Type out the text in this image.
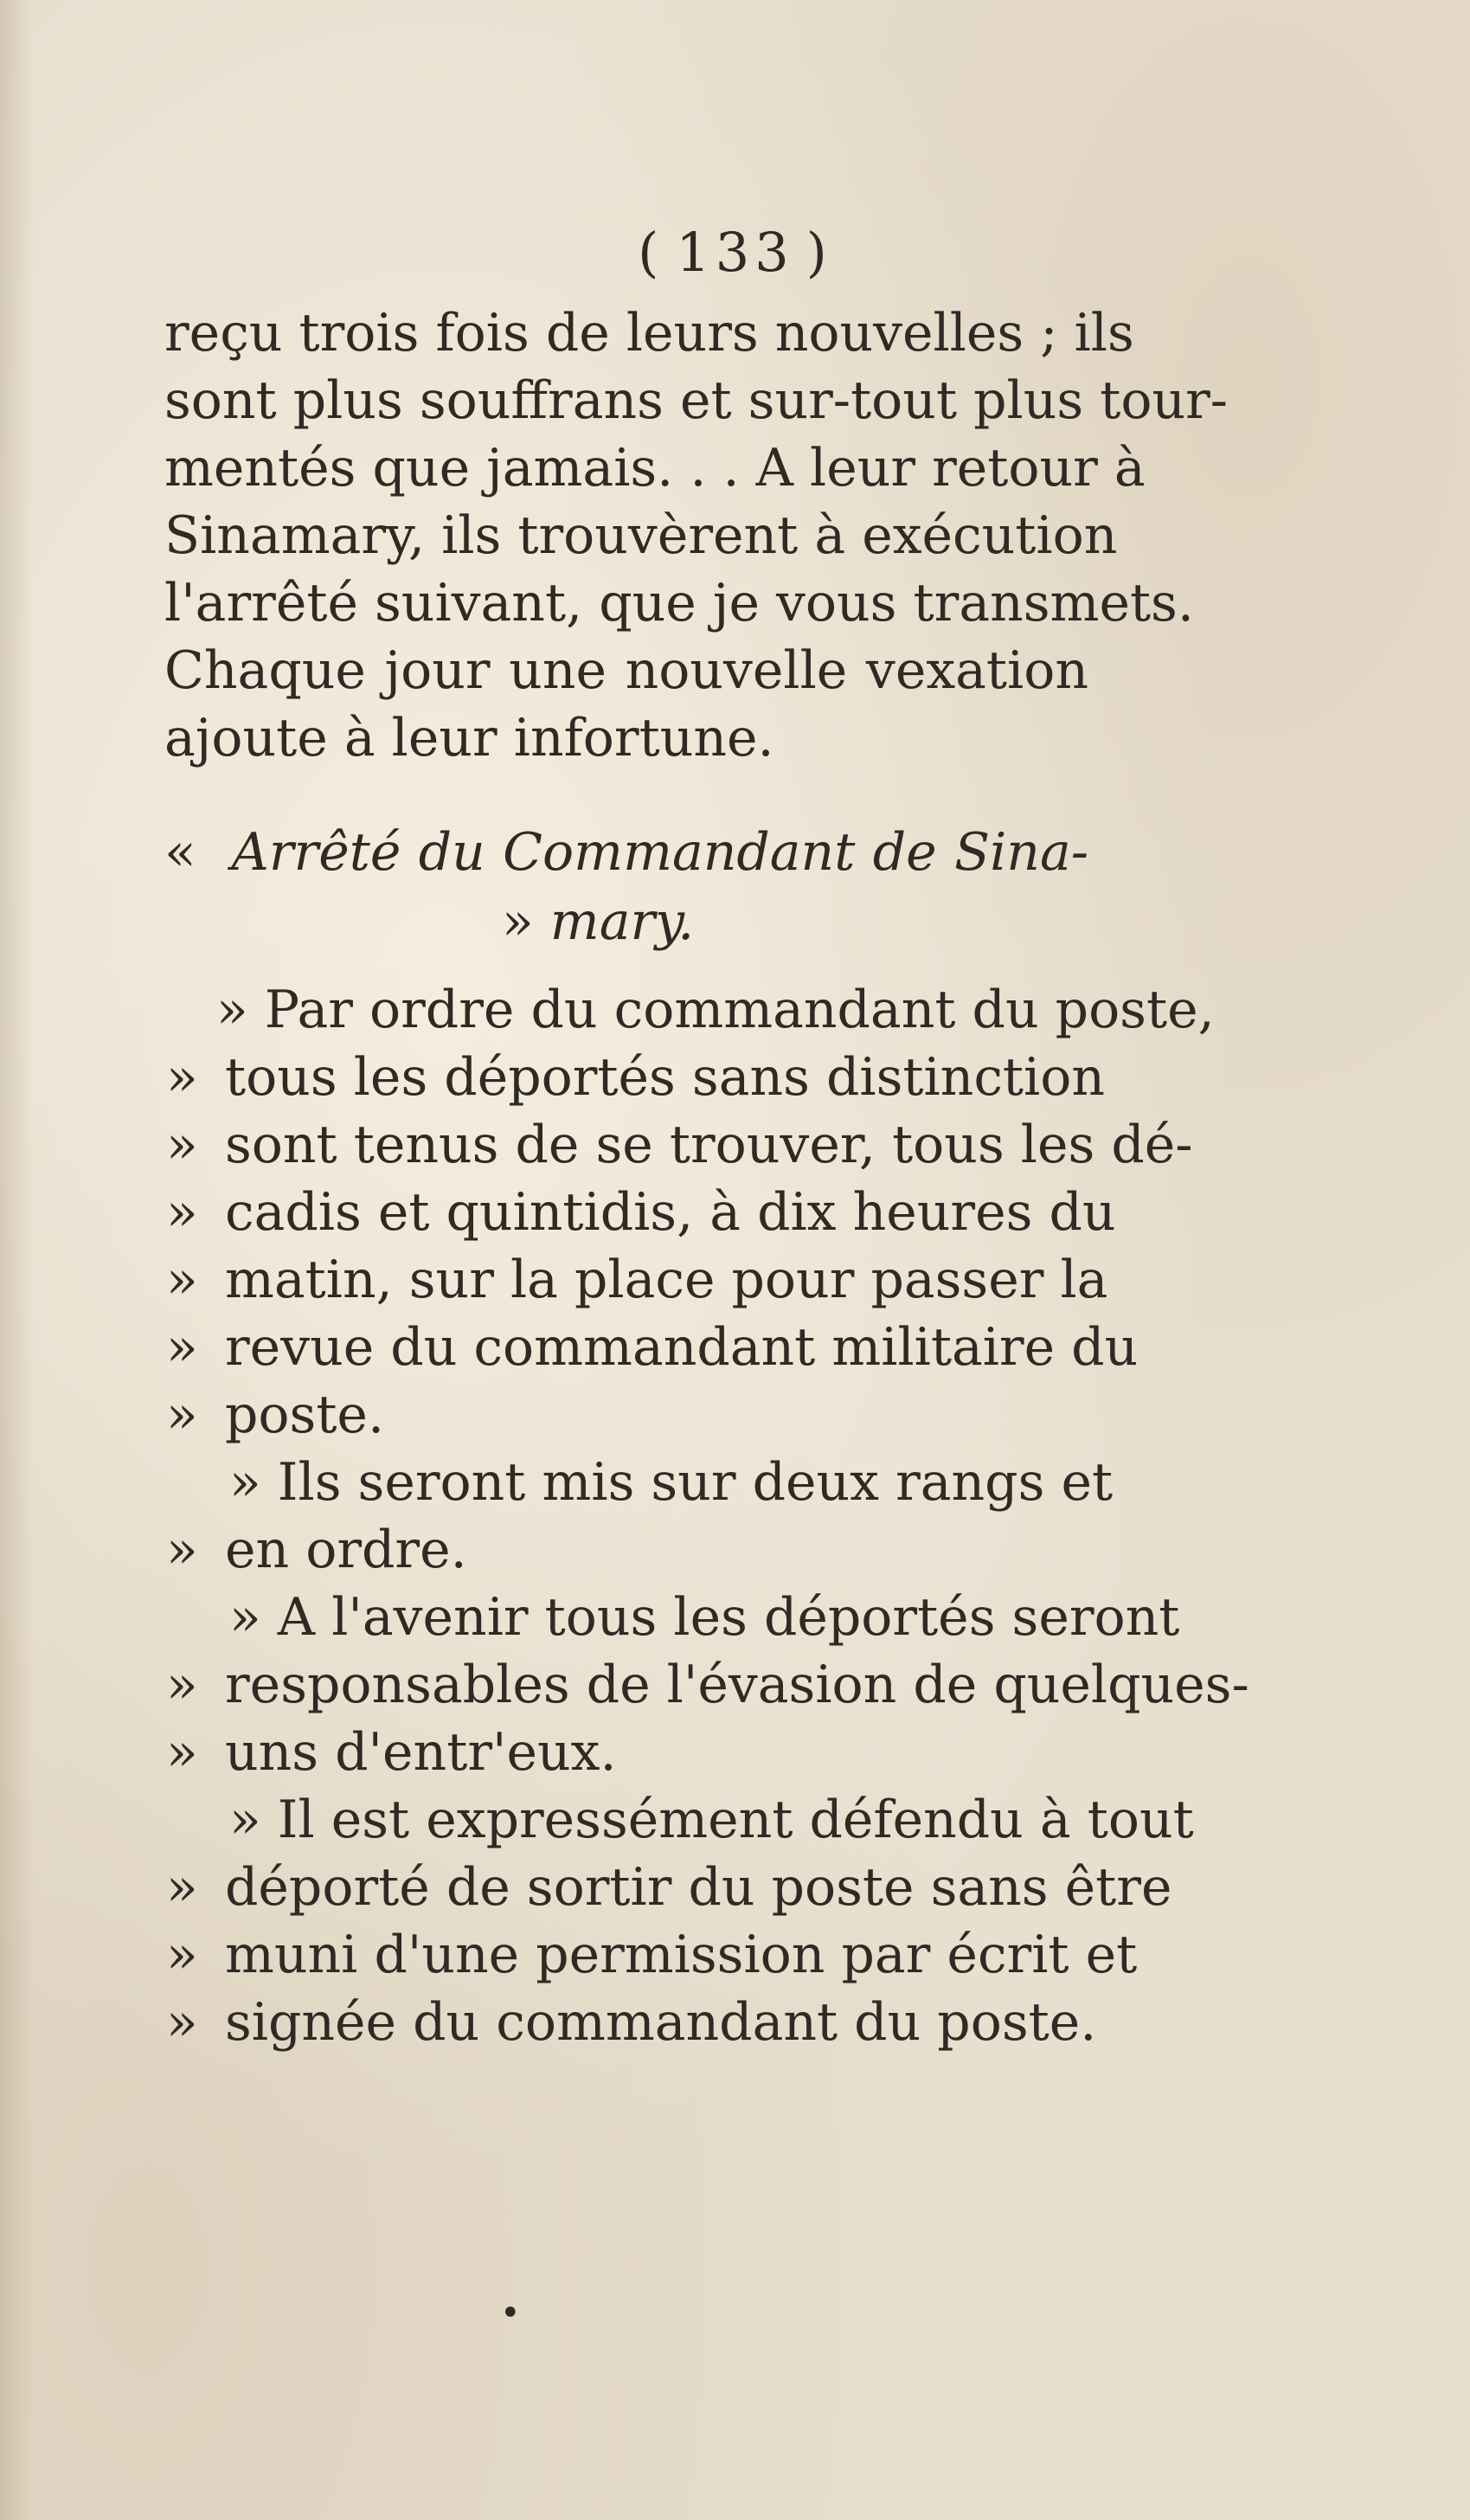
( 133 )
reçu trois fois de leurs nouvelles ; ils
sont plus souffrans et sur-tout plus tour-
mentés que jamais. . . A leur retour à
Sinamary, ils trouvèrent à exécution
l'arrêté suivant, que je vous transmets.
Chaque jour une nouvelle vexation
ajoute à leur infortune.
« Arrêté du Commandant de Sina-
» mary.
» Par ordre du commandant du poste,
» tous les déportés sans distinction
» sont tenus de se trouver, tous les dé-
» cadis et quintidis, à dix heures du
» matin, sur la place pour passer la
» revue du commandant militaire du
» poste.
» Ils seront mis sur deux rangs et
» en ordre.
» A l'avenir tous les déportés seront
» responsables de l'évasion de quelques-
» uns d'entr'eux.
» Il est expressément défendu à tout
» déporté de sortir du poste sans être
» muni d'une permission par écrit et
» signée du commandant du poste.
•
